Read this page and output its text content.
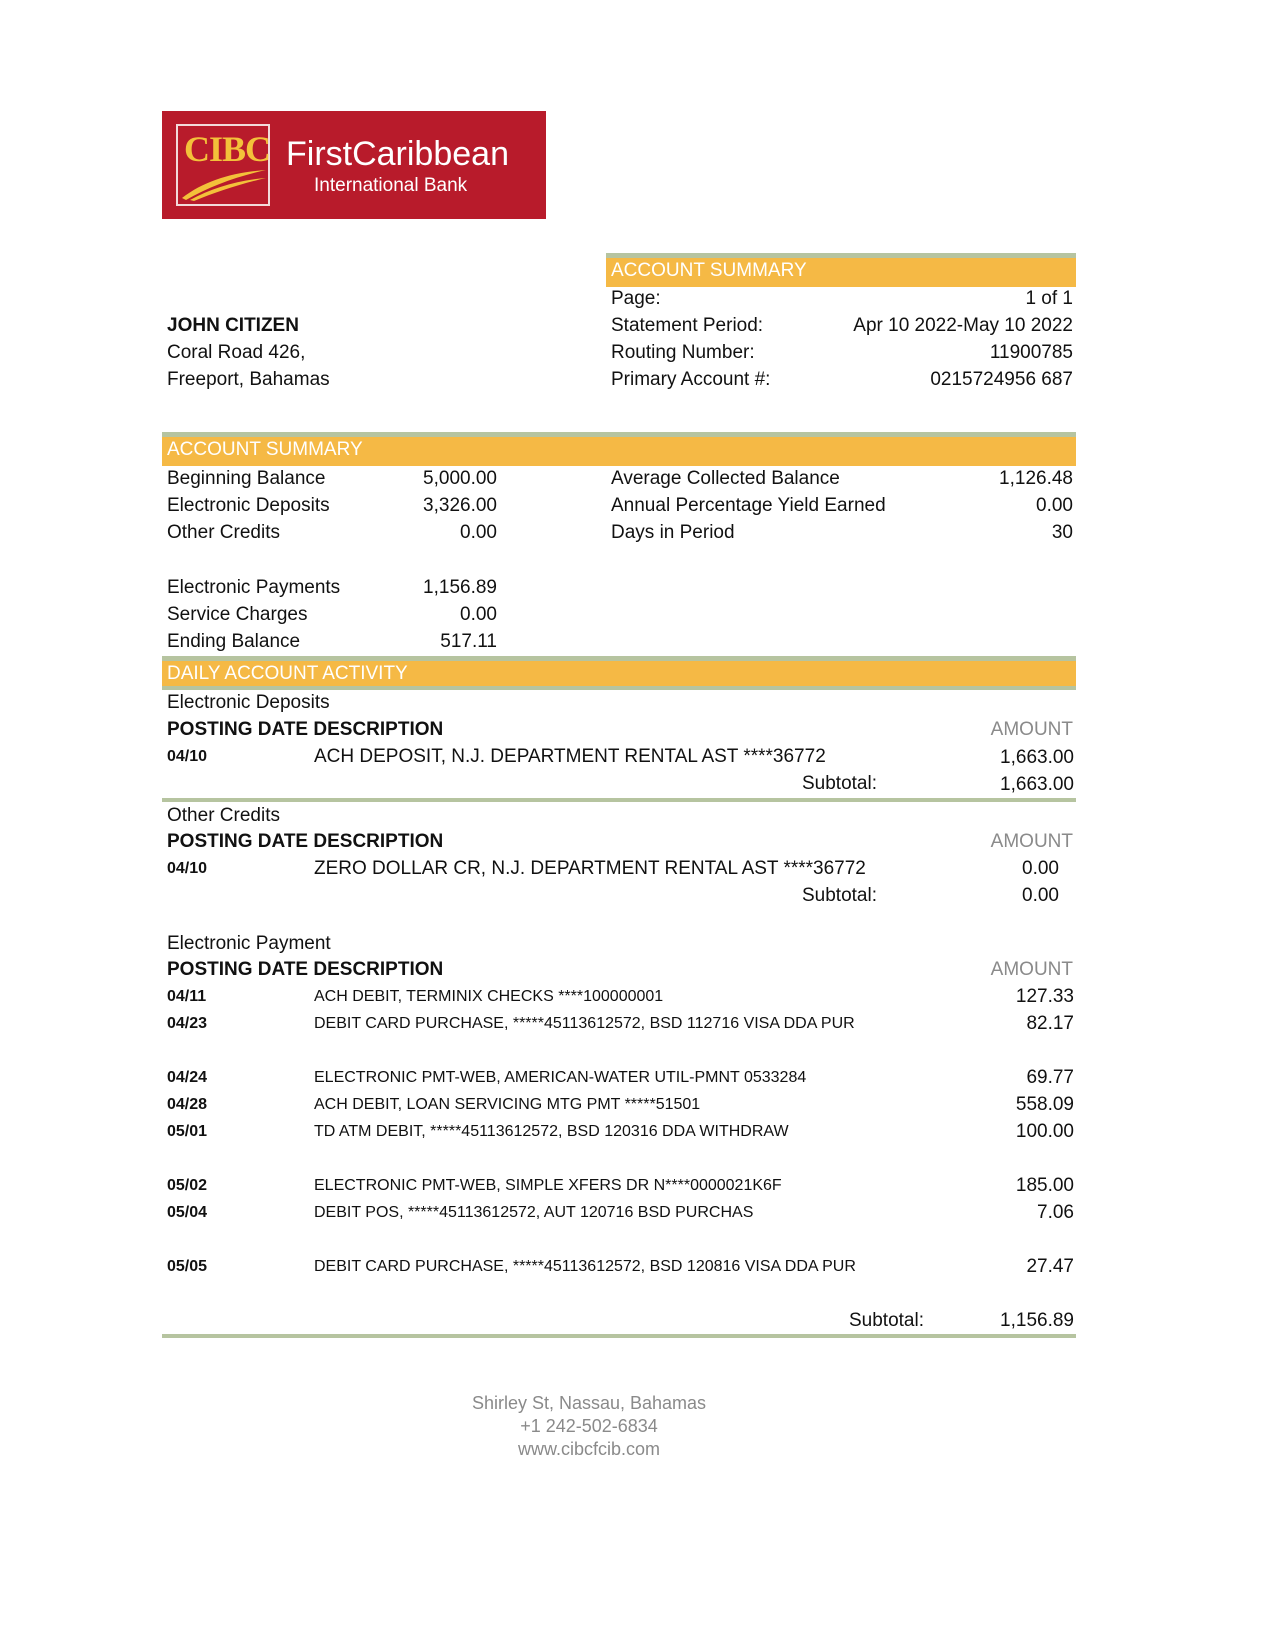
CIBC FirstCaribbean
International Bank
ACCOUNT SUMMARY
Page:	1 of 1
Statement Period:	Apr 10 2022-May 10 2022
Routing Number:	11900785
Primary Account #:	0215724956 687
JOHN CITIZEN
Coral Road 426,
Freeport, Bahamas
ACCOUNT SUMMARY
Beginning Balance	5,000.00
Electronic Deposits	3,326.00
Other Credits	0.00
Electronic Payments	1,156.89
Service Charges	0.00
Ending Balance	517.11
Average Collected Balance	1,126.48
Annual Percentage Yield Earned	0.00
Days in Period	30
DAILY ACCOUNT ACTIVITY
Electronic Deposits
POSTING DATE DESCRIPTION	AMOUNT
04/10	ACH DEPOSIT, N.J. DEPARTMENT RENTAL AST ****36772	1,663.00
Subtotal:	1,663.00
Other Credits
POSTING DATE DESCRIPTION	AMOUNT
04/10	ZERO DOLLAR CR, N.J. DEPARTMENT RENTAL AST ****36772	0.00
Subtotal:	0.00
Electronic Payment
POSTING DATE DESCRIPTION	AMOUNT
04/11	ACH DEBIT, TERMINIX CHECKS ****100000001	127.33
04/23	DEBIT CARD PURCHASE, *****45113612572, BSD 112716 VISA DDA PUR	82.17
04/24	ELECTRONIC PMT-WEB, AMERICAN-WATER UTIL-PMNT 0533284	69.77
04/28	ACH DEBIT, LOAN SERVICING MTG PMT *****51501	558.09
05/01	TD ATM DEBIT, *****45113612572, BSD 120316 DDA WITHDRAW	100.00
05/02	ELECTRONIC PMT-WEB, SIMPLE XFERS DR N****0000021K6F	185.00
05/04	DEBIT POS, *****45113612572, AUT 120716 BSD PURCHAS	7.06
05/05	DEBIT CARD PURCHASE, *****45113612572, BSD 120816 VISA DDA PUR	27.47
Subtotal:	1,156.89
Shirley St, Nassau, Bahamas
+1 242-502-6834
www.cibcfcib.com
